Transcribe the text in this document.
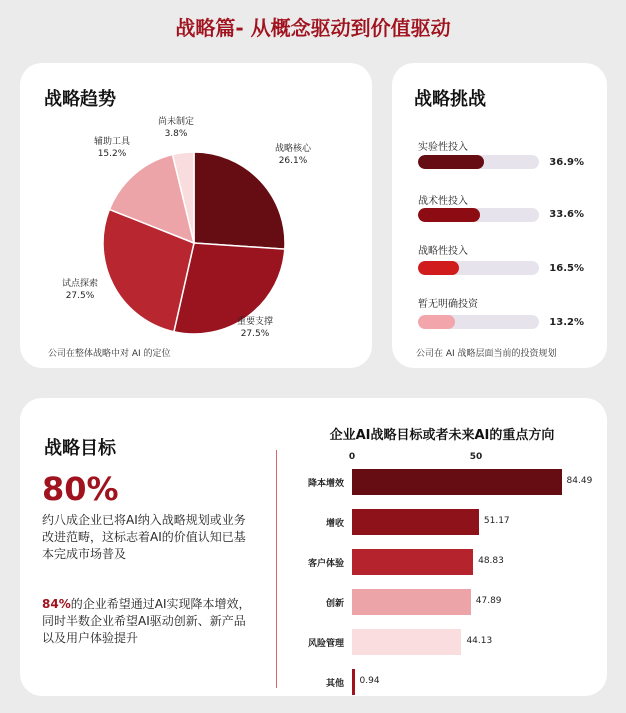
战略篇- 从概念驱动到价值驱动
战略趋势
战略核心
26.1%
重要支撑
27.5%
试点探索
27.5%
辅助工具
15.2%
尚未制定
3.8%
公司在整体战略中对 AI 的定位
战略挑战
实验性投入
36.9%
战术性投入
33.6%
战略性投入
16.5%
暂无明确投资
13.2%
公司在 AI 战略层面当前的投资规划
战略目标
80%
约八成企业已将AI纳入战略规划或业务改进范畴，这标志着AI的价值认知已基本完成市场普及
84%的企业希望通过AI实现降本增效，同时半数企业希望AI驱动创新、新产品以及用户体验提升
企业AI战略目标或者未来AI的重点方向
0	50
降本增效	84.49
增收	51.17
客户体验	48.83
创新	47.89
风险管理	44.13
其他 0.94
